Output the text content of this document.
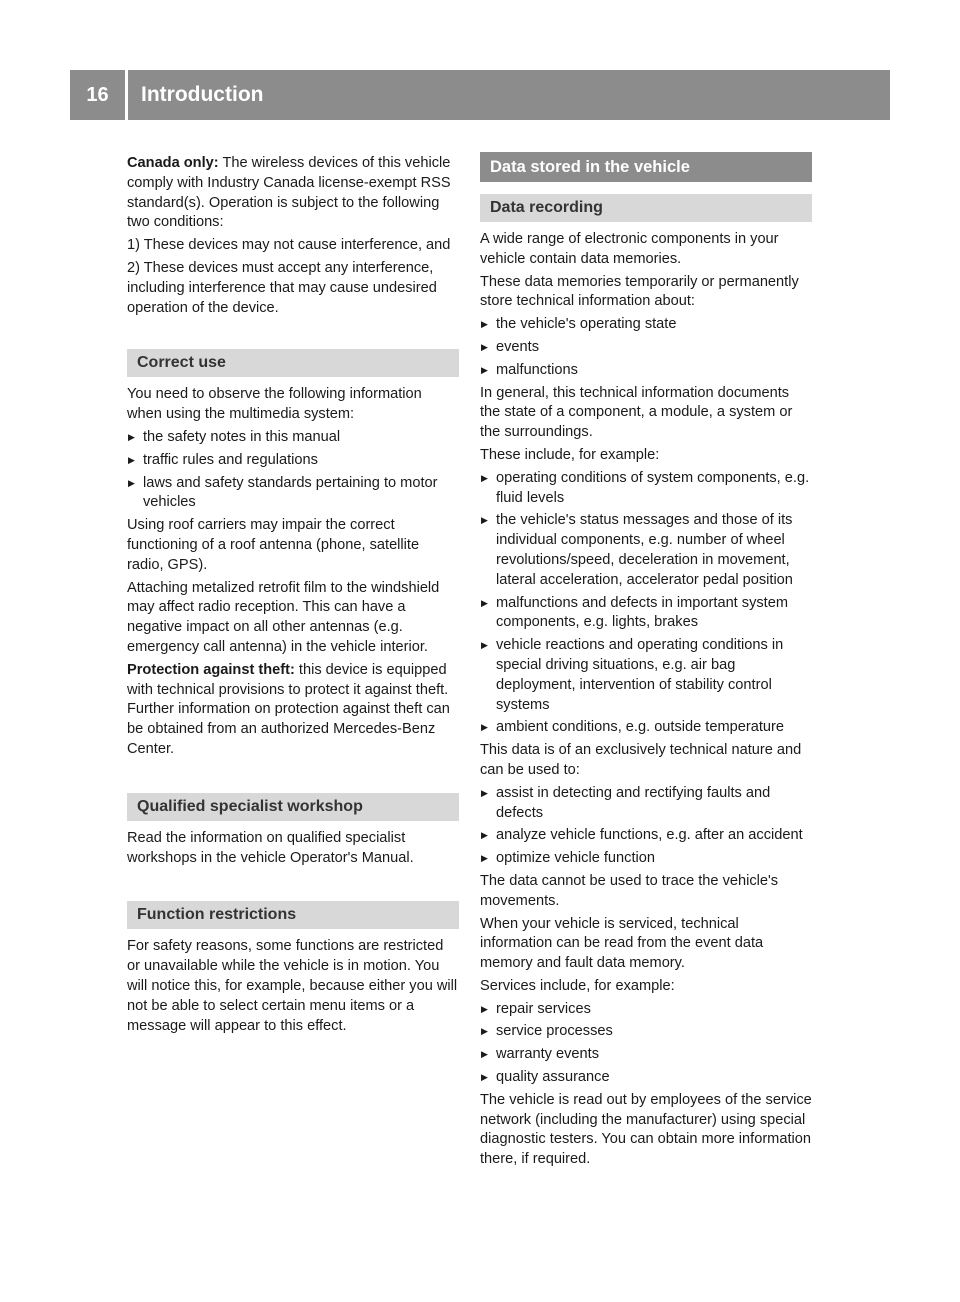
16	Introduction

Canada only: The wireless devices of this vehicle comply with Industry Canada license-exempt RSS standard(s). Operation is subject to the following two conditions:

1) These devices may not cause interference, and

2) These devices must accept any interference, including interference that may cause undesired operation of the device.

Correct use

You need to observe the following information when using the multimedia system:

▶ the safety notes in this manual
▶ traffic rules and regulations
▶ laws and safety standards pertaining to motor vehicles

Using roof carriers may impair the correct functioning of a roof antenna (phone, satellite radio, GPS).

Attaching metalized retrofit film to the windshield may affect radio reception. This can have a negative impact on all other antennas (e.g. emergency call antenna) in the vehicle interior.

Protection against theft: this device is equipped with technical provisions to protect it against theft. Further information on protection against theft can be obtained from an authorized Mercedes-Benz Center.

Qualified specialist workshop

Read the information on qualified specialist workshops in the vehicle Operator's Manual.

Function restrictions

For safety reasons, some functions are restricted or unavailable while the vehicle is in motion. You will notice this, for example, because either you will not be able to select certain menu items or a message will appear to this effect.

Data stored in the vehicle
Data recording

A wide range of electronic components in your vehicle contain data memories.

These data memories temporarily or permanently store technical information about:

▶ the vehicle's operating state
▶ events
▶ malfunctions

In general, this technical information documents the state of a component, a module, a system or the surroundings.

These include, for example:

▶ operating conditions of system components, e.g. fluid levels
▶ the vehicle's status messages and those of its individual components, e.g. number of wheel revolutions/speed, deceleration in movement, lateral acceleration, accelerator pedal position
▶ malfunctions and defects in important system components, e.g. lights, brakes
▶ vehicle reactions and operating conditions in special driving situations, e.g. air bag deployment, intervention of stability control systems
▶ ambient conditions, e.g. outside temperature

This data is of an exclusively technical nature and can be used to:

▶ assist in detecting and rectifying faults and defects
▶ analyze vehicle functions, e.g. after an accident
▶ optimize vehicle function

The data cannot be used to trace the vehicle's movements.

When your vehicle is serviced, technical information can be read from the event data memory and fault data memory.

Services include, for example:

▶ repair services
▶ service processes
▶ warranty events
▶ quality assurance

The vehicle is read out by employees of the service network (including the manufacturer) using special diagnostic testers. You can obtain more information there, if required.
